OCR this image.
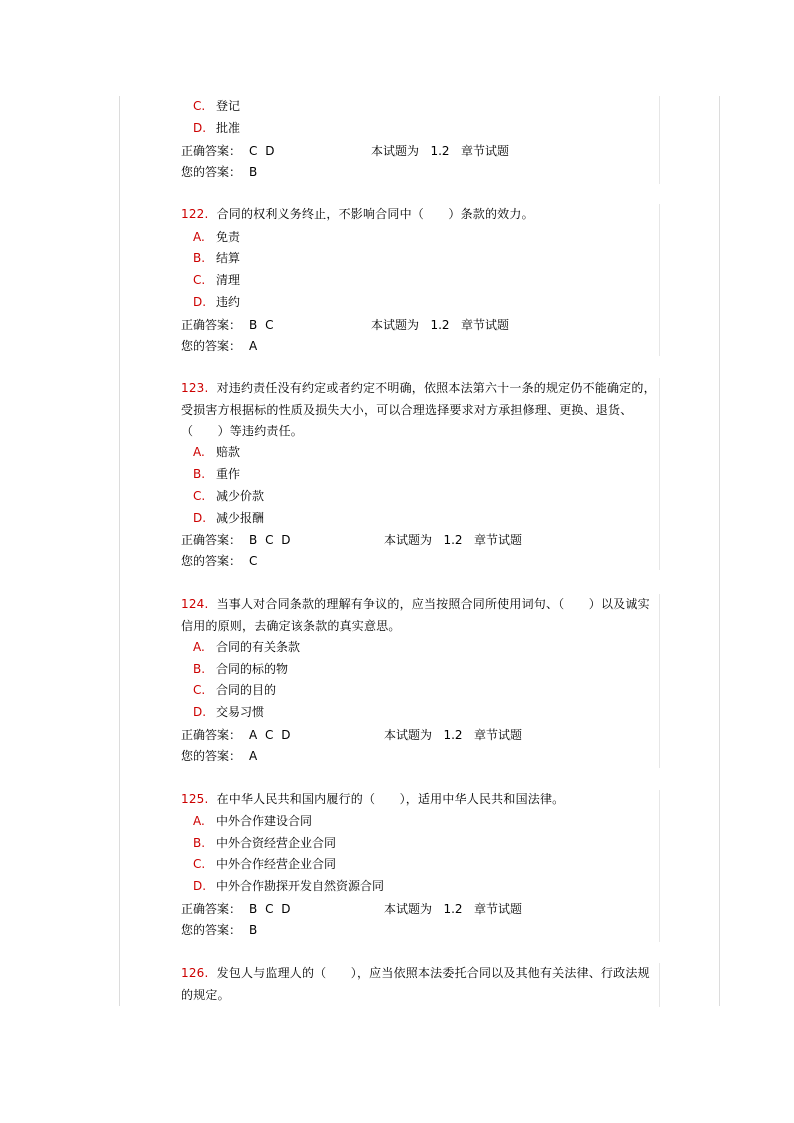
C. 登记
D. 批准
正确答案： C D	本试题为 1.2 章节试题
您的答案： B
122. 合同的权利义务终止，不影响合同中（　　）条款的效力。
A. 免责
B. 结算
C. 清理
D. 违约
正确答案： B C	本试题为 1.2 章节试题
您的答案： A
123. 对违约责任没有约定或者约定不明确，依照本法第六十一条的规定仍不能确定的，受损害方根据标的性质及损失大小，可以合理选择要求对方承担修理、更换、退货、（　　）等违约责任。
A. 赔款
B. 重作
C. 减少价款
D. 减少报酬
正确答案： B C D	本试题为 1.2 章节试题
您的答案： C
124. 当事人对合同条款的理解有争议的，应当按照合同所使用词句、（　　）以及诚实信用的原则，去确定该条款的真实意思。
A. 合同的有关条款
B. 合同的标的物
C. 合同的目的
D. 交易习惯
正确答案： A C D	本试题为 1.2 章节试题
您的答案： A
125. 在中华人民共和国内履行的（　　），适用中华人民共和国法律。
A. 中外合作建设合同
B. 中外合资经营企业合同
C. 中外合作经营企业合同
D. 中外合作勘探开发自然资源合同
正确答案： B C D	本试题为 1.2 章节试题
您的答案： B
126. 发包人与监理人的（　　），应当依照本法委托合同以及其他有关法律、行政法规的规定。
